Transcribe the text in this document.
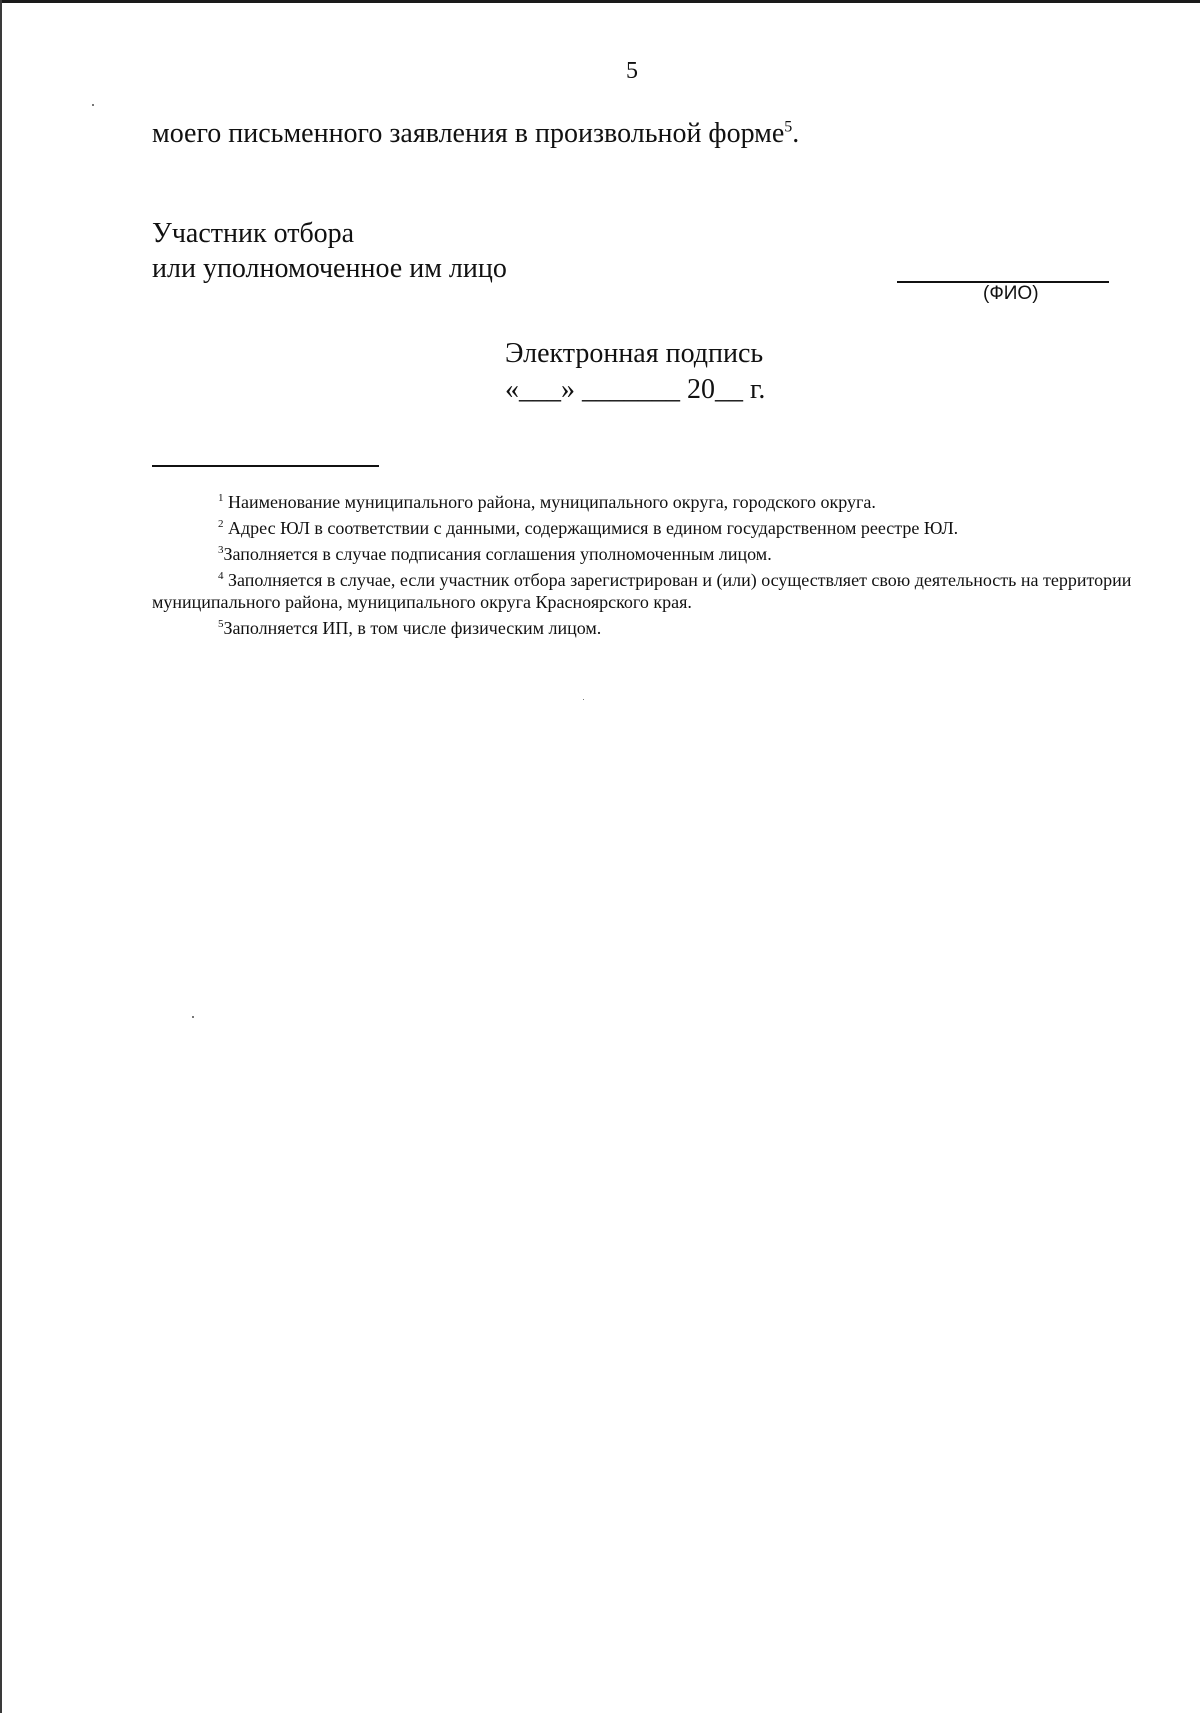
5
моего письменного заявления в произвольной форме$^5$.
Участник отбора
или уполномоченное им лицо
(ФИО)
Электронная подпись
«___» _______ 20__ г.

$^1$ Наименование муниципального района, муниципального округа, городского округа.

$^2$ Адрес ЮЛ в соответствии с данными, содержащимися в едином государственном реестре ЮЛ.

$^3$Заполняется в случае подписания соглашения уполномоченным лицом.

$^4$ Заполняется в случае, если участник отбора зарегистрирован и (или) осуществляет свою деятельность на территории муниципального района, муниципального округа Красноярского края.

$^5$Заполняется ИП, в том числе физическим лицом.
